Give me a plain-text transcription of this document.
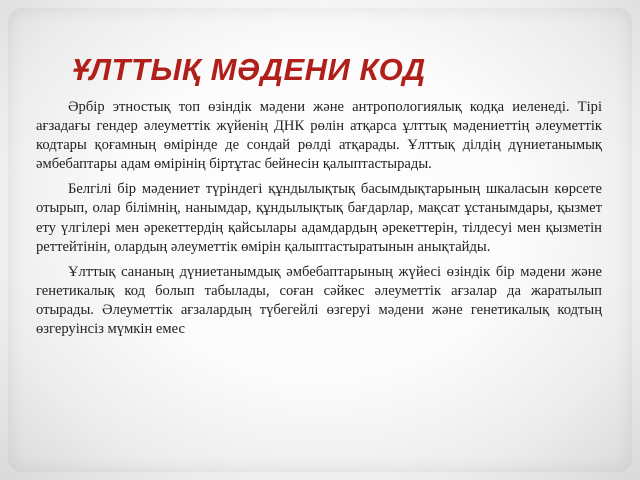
ҰЛТТЫҚ МӘДЕНИ КОД

Әрбір этностық топ өзіндік мәдени және антропологиялық кодқа иеленеді. Тірі ағзадағы гендер әлеуметтік жүйенің ДНК рөлін атқарса ұлттық мәдениеттің әлеуметтік кодтары қоғамның өмірінде де сондай рөлді атқарады. Ұлттық ділдің дүниетанымық әмбебаптары адам өмірінің біртұтас бейнесін қалыптастырады.

Белгілі бір мәдениет түріндегі құндылықтық басымдықтарының шкаласын көрсете отырып, олар білімнің, нанымдар, құндылықтық бағдарлар, мақсат ұстанымдары, қызмет ету үлгілері мен әрекеттердің қайсылары адамдардың әрекеттерін, тілдесуі мен қызметін реттейтінін, олардың әлеуметтік өмірін қалыптастыратынын анықтайды.

Ұлттық сананың дүниетанымдық әмбебаптарының жүйесі өзіндік бір мәдени және генетикалық код болып табылады, соған сәйкес әлеуметтік ағзалар да жаратылып отырады. Әлеуметтік ағзалардың түбегейлі өзгеруі мәдени және генетикалық кодтың өзгеруінсіз мүмкін емес
